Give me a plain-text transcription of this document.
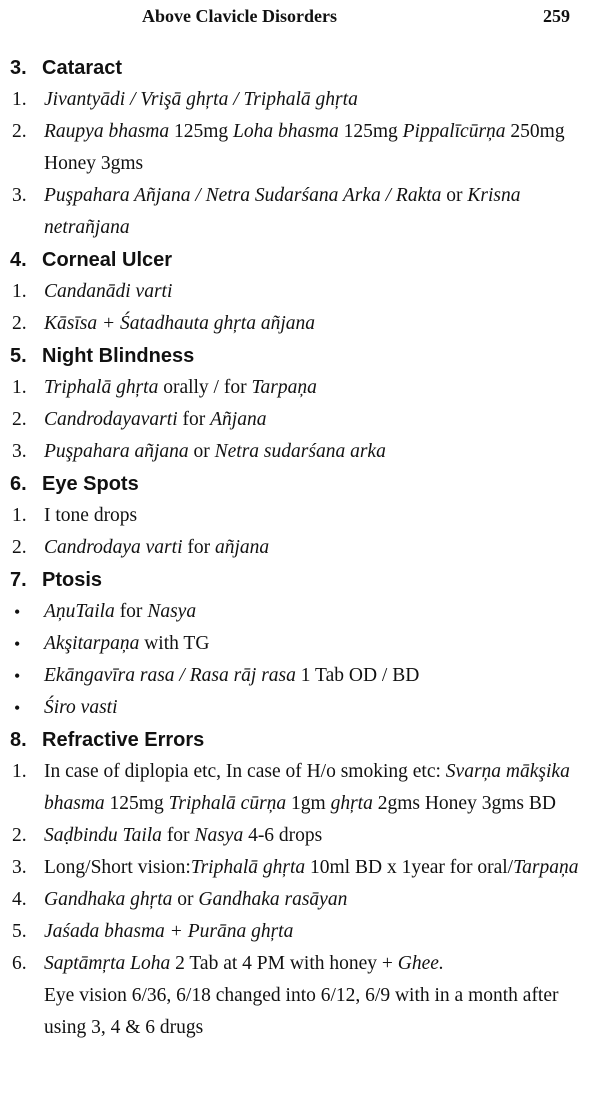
Above Clavicle Disorders	259
3. Cataract
1. Jivantyādi / Vrişā ghŗta / Triphalā ghŗta
2. Raupya bhasma 125mg Loha bhasma 125mg Pippalīcūrņa 250mg Honey 3gms
3. Puşpahara Añjana / Netra Sudarśana Arka / Rakta or Krisna netrañjana
4. Corneal Ulcer
1. Candanādi varti
2. Kāsīsa + Śatadhauta ghŗta añjana
5. Night Blindness
1. Triphalā ghŗta orally / for Tarpaņa
2. Candrodayavarti for Añjana
3. Puşpahara añjana or Netra sudarśana arka
6. Eye Spots
1. I tone drops
2. Candrodaya varti for añjana
7. Ptosis
• AņuTaila for Nasya
• Akşitarpaņa with TG
• Ekāngavīra rasa / Rasa rāj rasa 1 Tab OD / BD
• Śiro vasti
8. Refractive Errors
1. In case of diplopia etc, In case of H/o smoking etc: Svarņa mākşika bhasma 125mg Triphalā cūrņa 1gm ghŗta 2gms Honey 3gms BD
2. Saḍbindu Taila for Nasya 4-6 drops
3. Long/Short vision:Triphalā ghŗta 10ml BD x 1year for oral/Tarpaņa
4. Gandhaka ghŗta or Gandhaka rasāyan
5. Jaśada bhasma + Purāna ghŗta
6. Saptāmŗta Loha 2 Tab at 4 PM with honey + Ghee.
Eye vision 6/36, 6/18 changed into 6/12, 6/9 with in a month after using 3, 4 & 6 drugs
